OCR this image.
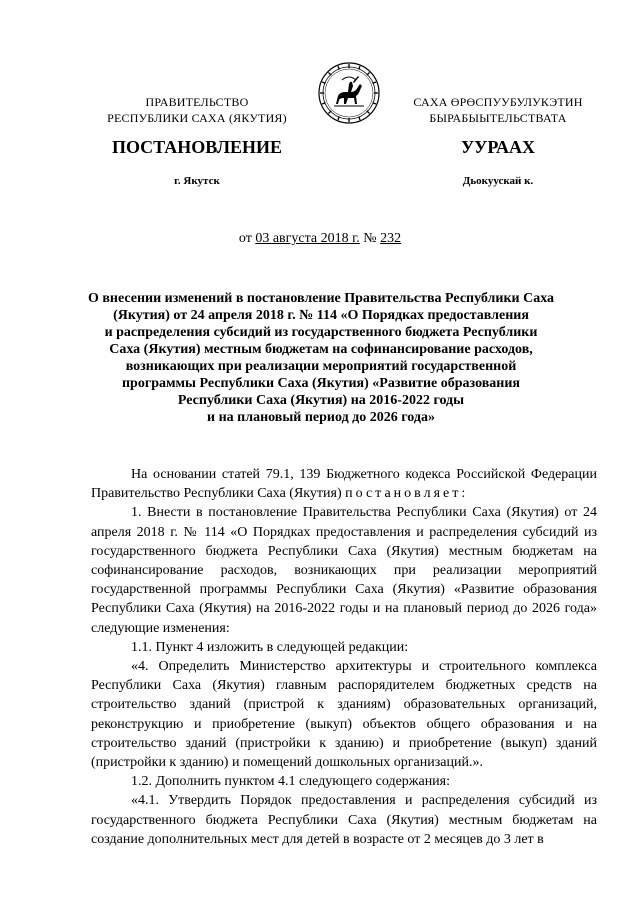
ПРАВИТЕЛЬСТВО
РЕСПУБЛИКИ САХА (ЯКУТИЯ)
САХА ӨРӨСПУУБУЛУКЭТИН
БЫРАБЫЫТЕЛЬСТВАТА
ПОСТАНОВЛЕНИЕ	УУРААХ
г. Якутск	Дьокуускай к.
от 03 августа 2018 г. № 232
О внесении изменений в постановление Правительства Республики Саха
(Якутия) от 24 апреля 2018 г. № 114 «О Порядках предоставления
и распределения субсидий из государственного бюджета Республики
Саха (Якутия) местным бюджетам на софинансирование расходов,
возникающих при реализации мероприятий государственной
программы Республики Саха (Якутия) «Развитие образования
Республики Саха (Якутия) на 2016-2022 годы
и на плановый период до 2026 года»

На основании статей 79.1, 139 Бюджетного кодекса Российской Федерации Правительство Республики Саха (Якутия) постановляет:

1. Внести в постановление Правительства Республики Саха (Якутия) от 24 апреля 2018 г. № 114 «О Порядках предоставления и распределения субсидий из государственного бюджета Республики Саха (Якутия) местным бюджетам на софинансирование расходов, возникающих при реализации мероприятий государственной программы Республики Саха (Якутия) «Развитие образования Республики Саха (Якутия) на 2016-2022 годы и на плановый период до 2026 года» следующие изменения:

1.1. Пункт 4 изложить в следующей редакции:

«4. Определить Министерство архитектуры и строительного комплекса Республики Саха (Якутия) главным распорядителем бюджетных средств на строительство зданий (пристрой к зданиям) образовательных организаций, реконструкцию и приобретение (выкуп) объектов общего образования и на строительство зданий (пристройки к зданию) и приобретение (выкуп) зданий (пристройки к зданию) и помещений дошкольных организаций.».

1.2. Дополнить пунктом 4.1 следующего содержания:

«4.1. Утвердить Порядок предоставления и распределения субсидий из государственного бюджета Республики Саха (Якутия) местным бюджетам на создание дополнительных мест для детей в возрасте от 2 месяцев до 3 лет в
